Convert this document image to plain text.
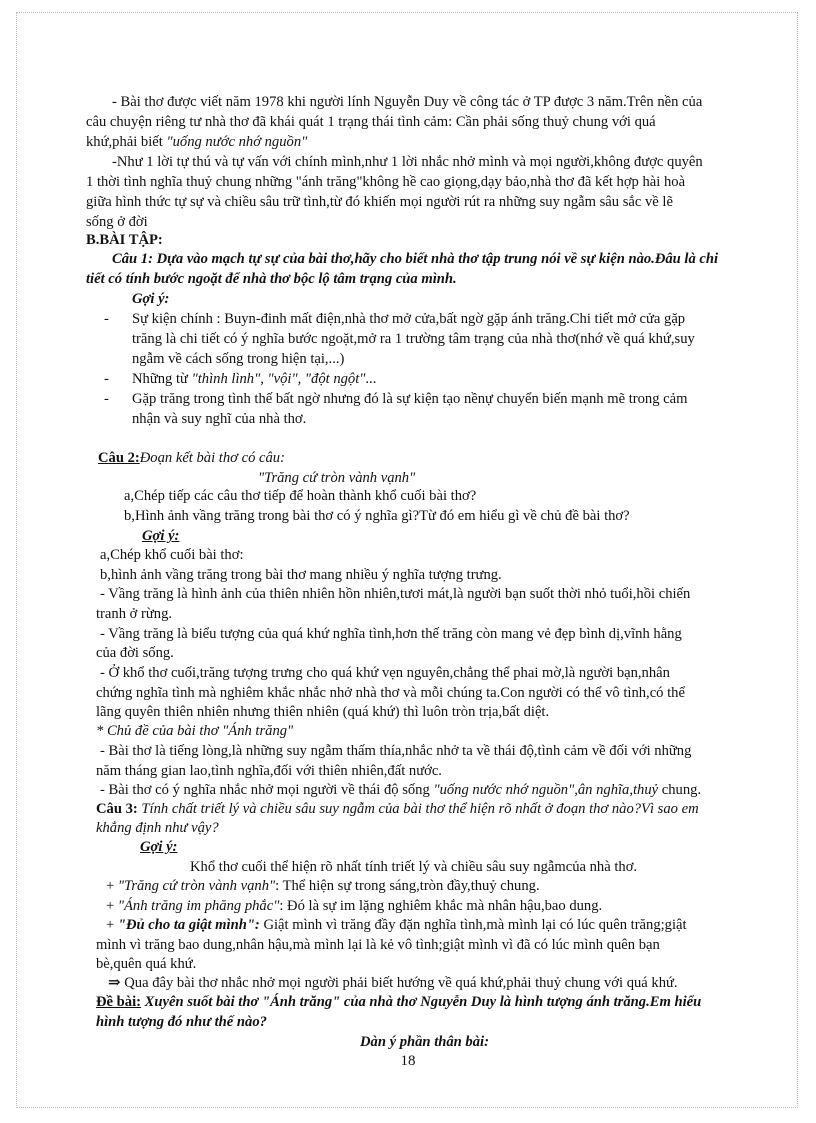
- Bài thơ được viết năm 1978 khi người lính Nguyễn Duy về công tác ở TP được 3 năm.Trên nền của
câu chuyện riêng tư nhà thơ đã khái quát 1 trạng thái tình cảm: Cần phải sống thuỷ chung với quá
khứ,phải biết "uống nước nhớ nguồn"
-Như 1 lời tự thú và tự vấn với chính mình,như 1 lời nhắc nhở mình và mọi người,không được quyên
1 thời tình nghĩa thuỷ chung những "ánh trăng"không hề cao giọng,dạy bảo,nhà thơ đã kết hợp hài hoà
giữa hình thức tự sự và chiều sâu trữ tình,từ đó khiến mọi người rút ra những suy ngẫm sâu sắc về lẽ
sống ở đời
B.BÀI TẬP:
Câu 1: Dựa vào mạch tự sự của bài thơ,hãy cho biết nhà thơ tập trung nói về sự kiện nào.Đâu là chi
tiết có tính bước ngoặt để nhà thơ bộc lộ tâm trạng của mình.
Gợi ý:
- Sự kiện chính : Buyn-đinh mất điện,nhà thơ mở cửa,bất ngờ gặp ánh trăng.Chi tiết mở cửa gặp
trăng là chi tiết có ý nghĩa bước ngoặt,mở ra 1 trường tâm trạng của nhà thơ(nhớ về quá khứ,suy
ngẫm về cách sống trong hiện tại,...)
- Những từ "thình lình", "vội", "đột ngột"...
- Gặp trăng trong tình thế bất ngờ nhưng đó là sự kiện tạo nềnự chuyển biến mạnh mẽ trong cảm
nhận và suy nghĩ của nhà thơ.
Câu 2:Đoạn kết bài thơ có câu:
"Trăng cứ tròn vành vạnh"
a,Chép tiếp các câu thơ tiếp để hoàn thành khổ cuối bài thơ?
b,Hình ảnh vầng trăng trong bài thơ có ý nghĩa gì?Từ đó em hiểu gì về chủ đề bài thơ?
Gợi ý:
a,Chép khổ cuối bài thơ:
b,hình ảnh vầng trăng trong bài thơ mang nhiều ý nghĩa tượng trưng.
- Vầng trăng là hình ảnh của thiên nhiên hồn nhiên,tươi mát,là người bạn suốt thời nhỏ tuổi,hồi chiến
tranh ở rừng.
- Vầng trăng là biểu tượng của quá khứ nghĩa tình,hơn thế trăng còn mang vẻ đẹp bình dị,vĩnh hằng
của đời sống.
- Ở khổ thơ cuối,trăng tượng trưng cho quá khứ vẹn nguyên,chẳng thể phai mờ,là người bạn,nhân
chứng nghĩa tình mà nghiêm khắc nhắc nhở nhà thơ và mỗi chúng ta.Con người có thể vô tình,có thể
lãng quyên thiên nhiên nhưng thiên nhiên (quá khứ) thì luôn tròn trịa,bất diệt.
* Chủ đề của bài thơ "Ánh trăng"
- Bài thơ là tiếng lòng,là những suy ngẫm thấm thía,nhắc nhở ta về thái độ,tình cảm về đối với những
năm tháng gian lao,tình nghĩa,đối với thiên nhiên,đất nước.
- Bài thơ có ý nghĩa nhắc nhở mọi người về thái độ sống "uống nước nhớ nguồn",ân nghĩa,thuỷ chung.
Câu 3: Tính chất triết lý và chiều sâu suy ngẫm của bài thơ thể hiện rõ nhất ở đoạn thơ nào?Vì sao em
khẳng định như vậy?
Gợi ý:
Khổ thơ cuối thể hiện rõ nhất tính triết lý và chiều sâu suy ngẫmcủa nhà thơ.
+ "Trăng cứ tròn vành vạnh": Thể hiện sự trong sáng,tròn đầy,thuỷ chung.
+ "Ánh trăng im phăng phắc": Đó là sự im lặng nghiêm khắc mà nhân hậu,bao dung.
+ "Đủ cho ta giật mình": Giật mình vì trăng đầy đặn nghĩa tình,mà mình lại có lúc quên trăng;giật
mình vì trăng bao dung,nhân hậu,mà mình lại là kẻ vô tình;giật mình vì đã có lúc mình quên bạn
bè,quên quá khứ.
⇒ Qua đây bài thơ nhắc nhở mọi người phải biết hướng về quá khứ,phải thuỷ chung với quá khứ.
Đề bài: Xuyên suốt bài thơ "Ánh trăng" của nhà thơ Nguyễn Duy là hình tượng ánh trăng.Em hiểu
hình tượng đó như thế nào?
Dàn ý phần thân bài:
18
